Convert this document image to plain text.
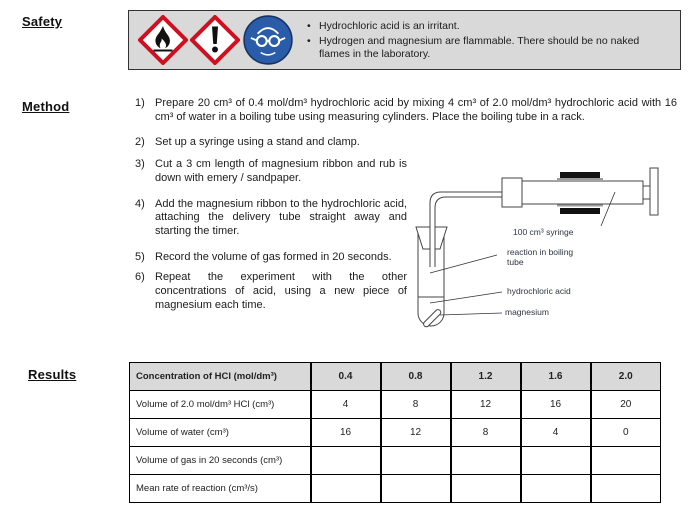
Safety	• Hydrochloric acid is an irritant.
• Hydrogen and magnesium are flammable. There should be no naked flames in the laboratory.
Method	1) Prepare 20 cm³ of 0.4 mol/dm³ hydrochloric acid by mixing 4 cm³ of 2.0 mol/dm³ hydrochloric acid with 16 cm³ of water in a boiling tube using measuring cylinders. Place the boiling tube in a rack.
2) Set up a syringe using a stand and clamp.
3) Cut a 3 cm length of magnesium ribbon and rub is down with emery / sandpaper.
4) Add the magnesium ribbon to the hydrochloric acid, attaching the delivery tube straight away and starting the timer.
5) Record the volume of gas formed in 20 seconds.
6) Repeat the experiment with the other concentrations of acid, using a new piece of magnesium each time.
100 cm³ syringe
reaction in boiling tube
hydrochloric acid
magnesium
Results	Concentration of HCl (mol/dm³)	0.4	0.8	1.2	1.6	2.0
Volume of 2.0 mol/dm³ HCl (cm³)	4	8	12	16	20
Volume of water (cm³)	16	12	8	4	0
Volume of gas in 20 seconds (cm³)					
Mean rate of reaction (cm³/s)					
